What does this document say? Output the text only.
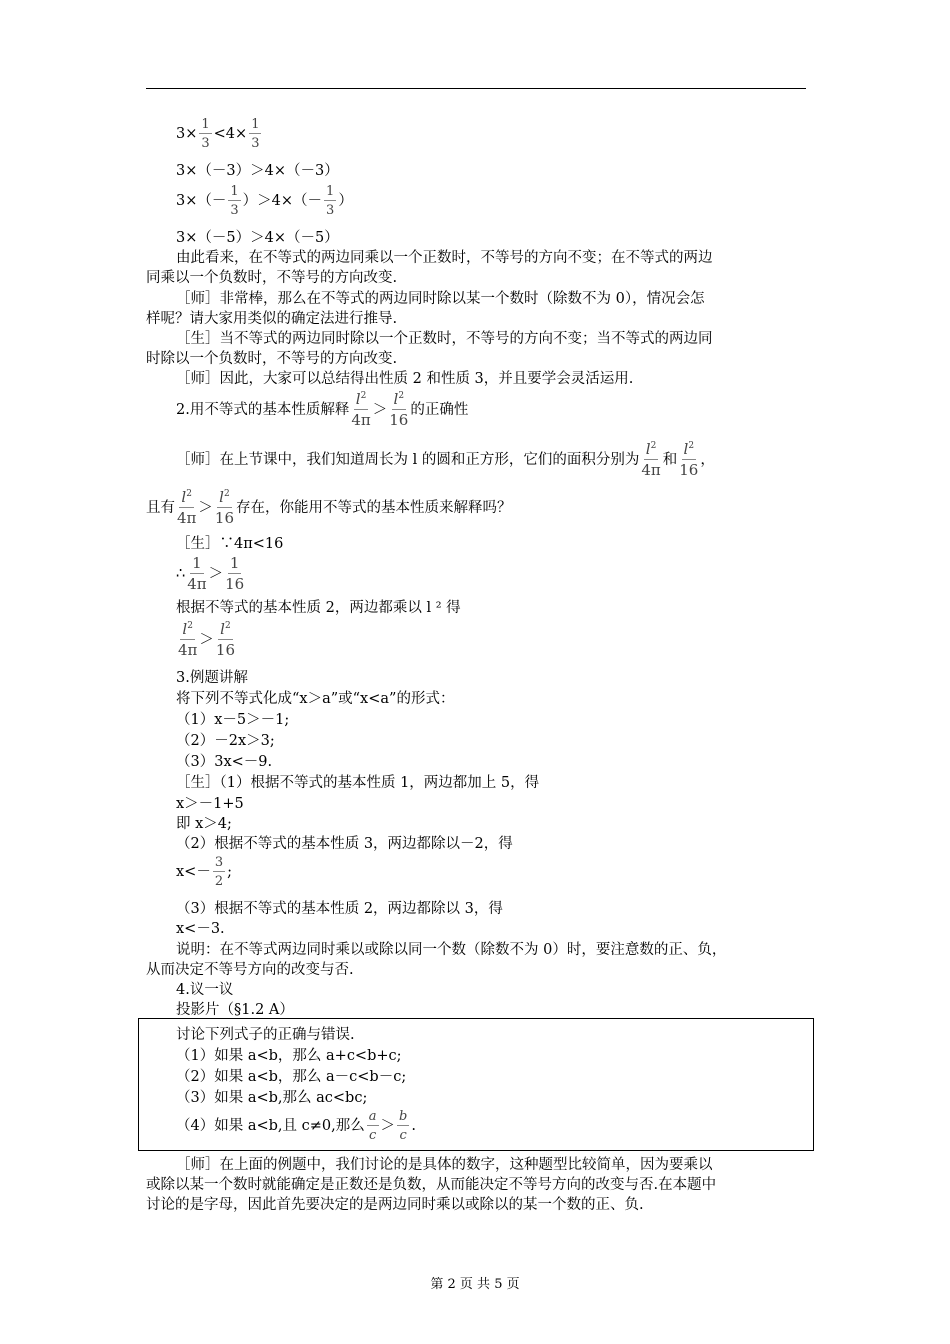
$3\times \frac{1}{3} <4\times \frac{1}{3}$
3×（－3）＞4×（－3）
$3\times(- \frac{1}{3} )>4\times(- \frac{1}{3}$ ）
3×（－5）＞4×（－5）
由此看来，在不等式的两边同乘以一个正数时，不等号的方向不变；在不等式的两边
同乘以一个负数时，不等号的方向改变.
［师］非常棒，那么在不等式的两边同时除以某一个数时（除数不为 0），情况会怎
样呢？请大家用类似的确定法进行推导.
［生］当不等式的两边同时除以一个正数时，不等号的方向不变；当不等式的两边同
时除以一个负数时，不等号的方向改变.
［师］因此，大家可以总结得出性质 2 和性质 3，并且要学会灵活运用.
2.用不等式的基本性质解释 $\frac{l^2}{4\pi} > \frac{l^2}{16}$ 的正确性
［师］在上节课中，我们知道周长为 l 的圆和正方形，它们的面积分别为 $\frac{l^2}{4\pi}$ 和 $\frac{l^2}{16}$ ，
且有 $\frac{l^2}{4\pi} > \frac{l^2}{16}$ 存在，你能用不等式的基本性质来解释吗？
［生］∵4π<16
∴ $\frac{1}{4\pi} > \frac{1}{16}$
根据不等式的基本性质 2，两边都乘以 l ² 得
$\frac{l^2}{4\pi} > \frac{l^2}{16}$
3.例题讲解
将下列不等式化成“x＞a”或“x<a”的形式：
（1）x－5＞－1;
（2）－2x＞3;
（3）3x<－9.
［生］（1）根据不等式的基本性质 1，两边都加上 5，得
x＞－1+5
即 x＞4;
（2）根据不等式的基本性质 3，两边都除以－2，得
$x<- \frac{3}{2}$ ;
（3）根据不等式的基本性质 2，两边都除以 3，得
x<－3.
说明：在不等式两边同时乘以或除以同一个数（除数不为 0）时，要注意数的正、负，
从而决定不等号方向的改变与否.
4.议一议
投影片（§1.2 A）
讨论下列式子的正确与错误.
（1）如果 a<b，那么 a+c<b+c;
（2）如果 a<b，那么 a－c<b－c;
（3）如果 a<b,那么 ac<bc;
（4）如果 a<b,且 c≠0,那么 $\frac{a}{c} > \frac{b}{c}$ .
［师］在上面的例题中，我们讨论的是具体的数字，这种题型比较简单，因为要乘以
或除以某一个数时就能确定是正数还是负数，从而能决定不等号方向的改变与否.在本题中
讨论的是字母，因此首先要决定的是两边同时乘以或除以的某一个数的正、负.
第 2 页 共 5 页
